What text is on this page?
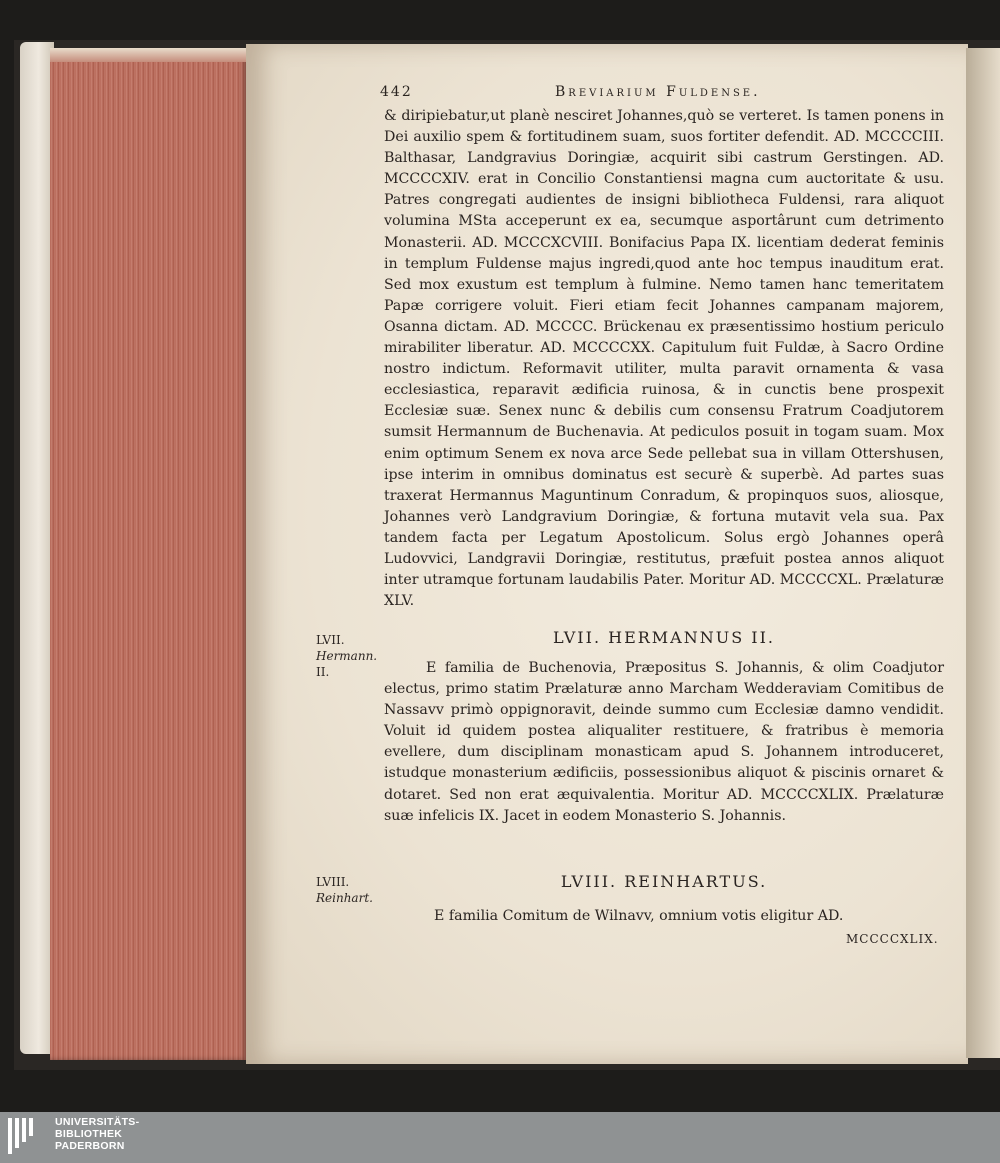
442	Breviarium Fuldense.

& diripiebatur,ut planè nesciret Johannes,quò se verteret. Is tamen ponens in Dei auxilio spem & fortitudinem suam, suos fortiter defendit. AD. MCCCCIII. Balthasar, Landgravius Doringiæ, acquirit sibi castrum Gerstingen. AD. MCCCCXIV. erat in Concilio Constantiensi magna cum auctoritate & usu. Patres congregati audientes de insigni bibliotheca Fuldensi, rara aliquot volumina MSta acceperunt ex ea, secumque asportârunt cum detrimento Monasterii. AD. MCCCXCVIII. Bonifacius Papa IX. licentiam dederat feminis in templum Fuldense majus ingredi,quod ante hoc tempus inauditum erat. Sed mox exustum est templum à fulmine. Nemo tamen hanc temeritatem Papæ corrigere voluit. Fieri etiam fecit Johannes campanam majorem, Osanna dictam. AD. MCCCC. Brückenau ex præsentissimo hostium periculo mirabiliter liberatur. AD. MCCCCXX. Capitulum fuit Fuldæ, à Sacro Ordine nostro indictum. Reformavit utiliter, multa paravit ornamenta & vasa ecclesiastica, reparavit ædificia ruinosa, & in cunctis bene prospexit Ecclesiæ suæ. Senex nunc & debilis cum consensu Fratrum Coadjutorem sumsit Hermannum de Buchenavia. At pediculos posuit in togam suam. Mox enim optimum Senem ex nova arce Sede pellebat sua in villam Ottershusen, ipse interim in omnibus dominatus est securè & superbè. Ad partes suas traxerat Hermannus Maguntinum Conradum, & propinquos suos, aliosque, Johannes verò Landgravium Doringiæ, & fortuna mutavit vela sua. Pax tandem facta per Legatum Apostolicum. Solus ergò Johannes operâ Ludovvici, Landgravii Doringiæ, restitutus, præfuit postea annos aliquot inter utramque fortunam laudabilis Pater. Moritur AD. MCCCCXL. Prælaturæ XLV.

LVII.
Hermann.
II.
LVII. HERMANNUS II.

E familia de Buchenovia, Præpositus S. Johannis, & olim Coadjutor electus, primo statim Prælaturæ anno Marcham Wedderaviam Comitibus de Nassavv primò oppignoravit, deinde summo cum Ecclesiæ damno vendidit. Voluit id quidem postea aliqualiter restituere, & fratribus è memoria evellere, dum disciplinam monasticam apud S. Johannem introduceret, istudque monasterium ædificiis, possessionibus aliquot & piscinis ornaret & dotaret. Sed non erat æquivalentia. Moritur AD. MCCCCXLIX. Prælaturæ suæ infelicis IX. Jacet in eodem Monasterio S. Johannis.

LVIII.
Reinhart.
LVIII. REINHARTUS.

E familia Comitum de Wilnavv, omnium votis eligitur AD.

MCCCCXLIX.
UNIVERSITÄTS-
BIBLIOTHEK
PADERBORN
